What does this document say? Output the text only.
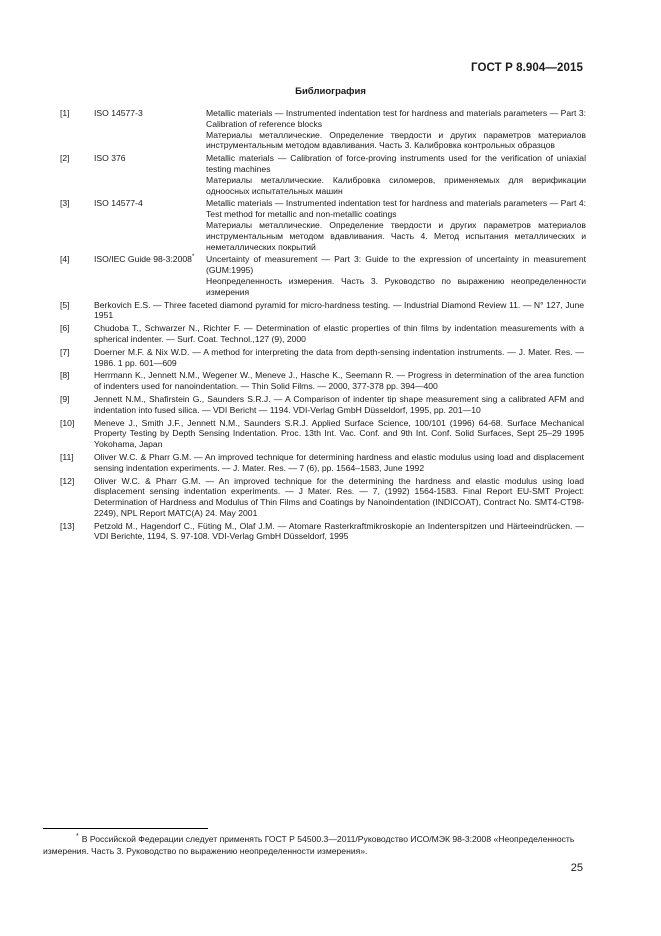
ГОСТ Р 8.904—2015
Библиография
[1]	ISO 14577-3	Metallic materials — Instrumented indentation test for hardness and materials parameters — Part 3: Calibration of reference blocks
Материалы металлические. Определение твердости и других параметров материалов инструментальным методом вдавливания. Часть 3. Калибровка контрольных образцов
[2]	ISO 376	Metallic materials — Calibration of force-proving instruments used for the verification of uniaxial testing machines
Материалы металлические. Калибровка силомеров, применяемых для верификации одноосных испытательных машин
[3]	ISO 14577-4	Metallic materials — Instrumented indentation test for hardness and materials parameters — Part 4: Test method for metallic and non-metallic coatings
Материалы металлические. Определение твердости и других параметров материалов инструментальным методом вдавливания. Часть 4. Метод испытания металлических и неметаллических покрытий
[4]	ISO/IEC Guide 98-3:2008*	Uncertainty of measurement — Part 3: Guide to the expression of uncertainty in measurement (GUM:1995)
Неопределенность измерения. Часть 3. Руководство по выражению неопределенности измерения
[5]	Berkovich E.S. — Three faceted diamond pyramid for micro-hardness testing. — Industrial Diamond Review 11. — N° 127, June 1951
[6]	Chudoba T., Schwarzer N., Richter F. — Determination of elastic properties of thin films by indentation measurements with a spherical indenter. — Surf. Coat. Technol.,127 (9), 2000
[7]	Doerner M.F. & Nix W.D. — A method for interpreting the data from depth-sensing indentation instruments. — J. Mater. Res. — 1986. 1 pp. 601—609
[8]	Herrmann K., Jennett N.M., Wegener W., Meneve J., Hasche K., Seemann R. — Progress in determination of the area function of indenters used for nanoindentation. — Thin Solid Films. — 2000, 377-378 pp. 394—400
[9]	Jennett N.M., Shafirstein G., Saunders S.R.J. — A Comparison of indenter tip shape measurement sing a calibrated AFM and indentation into fused silica. — VDI Bericht — 1194. VDI-Verlag GmbH Düsseldorf, 1995, pp. 201—10
[10]	Meneve J., Smith J.F., Jennett N.M., Saunders S.R.J. Applied Surface Science, 100/101 (1996) 64-68. Surface Mechanical Property Testing by Depth Sensing Indentation. Proc. 13th Int. Vac. Conf. and 9th Int. Conf. Solid Surfaces, Sept 25–29 1995 Yokohama, Japan
[11]	Oliver W.C. & Pharr G.M. — An improved technique for determining hardness and elastic modulus using load and displacement sensing indentation experiments. — J. Mater. Res. — 7 (6), pp. 1564–1583, June 1992
[12]	Oliver W.C. & Pharr G.M. — An improved technique for the determining the hardness and elastic modulus using load displacement sensing indentation experiments. — J Mater. Res. — 7, (1992) 1564-1583. Final Report EU-SMT Project: Determination of Hardness and Modulus of Thin Films and Coatings by Nanoindentation (INDICOAT), Contract No. SMT4-CT98-2249), NPL Report MATC(A) 24. May 2001
[13]	Petzold M., Hagendorf C., Füting M., Olaf J.M. — Atomare Rasterkraftmikroskopie an Indenterspitzen und Härteeindrücken. — VDI Berichte, 1194, S. 97-108. VDI-Verlag GmbH Düsseldorf, 1995
* В Российской Федерации следует применять ГОСТ Р 54500.3—2011/Руководство ИСО/МЭК 98-3:2008 «Неопределенность измерения. Часть 3. Руководство по выражению неопределенности измерения».
25
